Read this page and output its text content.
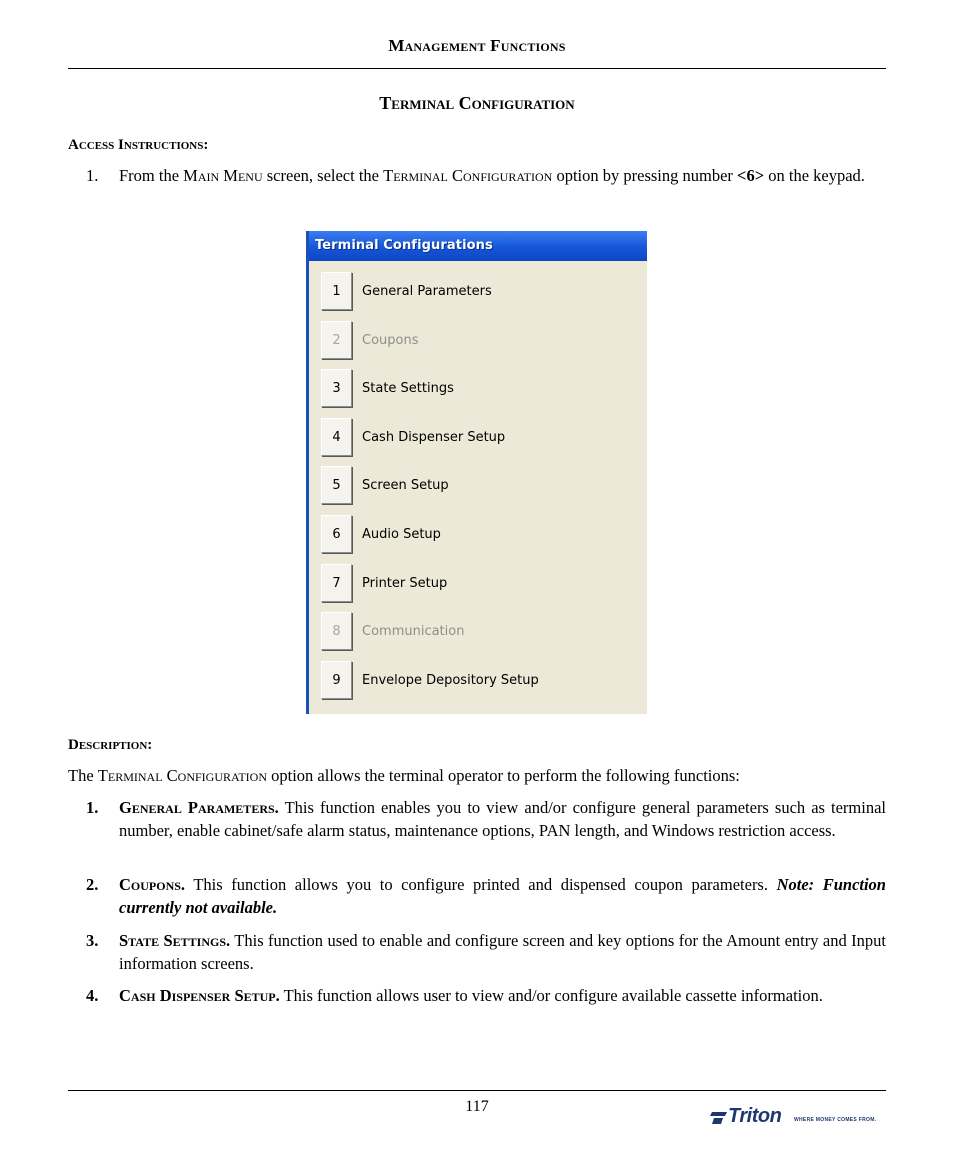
Management Functions
Terminal Configuration
Access Instructions:
1. From the Main Menu screen, select the Terminal Configuration option by pressing number <6> on the keypad.
Terminal Configurations
1	General Parameters
2	Coupons
3	State Settings
4	Cash Dispenser Setup
5	Screen Setup
6	Audio Setup
7	Printer Setup
8	Communication
9	Envelope Depository Setup
Description:
The Terminal Configuration option allows the terminal operator to perform the following functions:
1. General Parameters. This function enables you to view and/or configure general parameters such as terminal number, enable cabinet/safe alarm status, maintenance options, PAN length, and Windows restriction access.
2. Coupons. This function allows you to configure printed and dispensed coupon parameters. Note: Function currently not available.
3. State Settings. This function used to enable and configure screen and key options for the Amount entry and Input information screens.
4. Cash Dispenser Setup. This function allows user to view and/or configure available cassette information.
117	Triton	WHERE MONEY COMES FROM.
